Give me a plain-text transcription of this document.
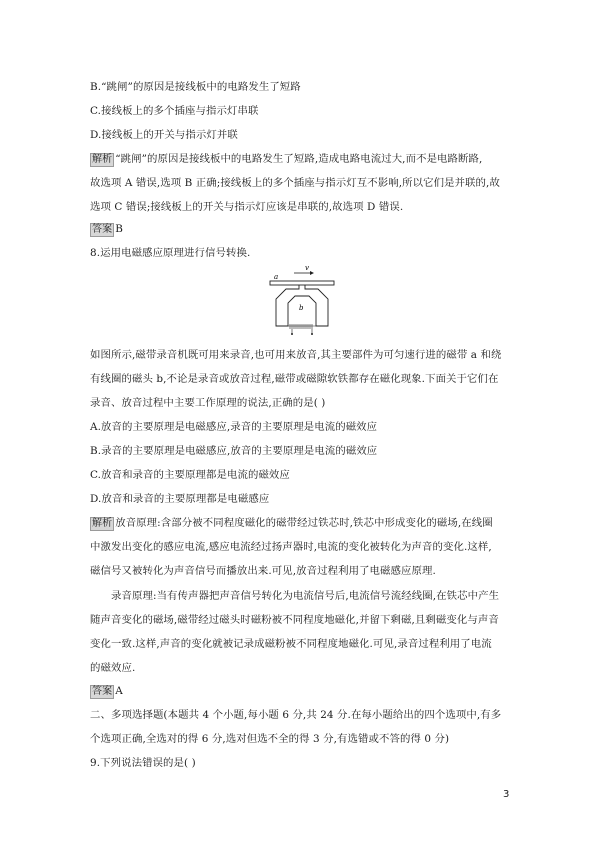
B.“跳闸”的原因是接线板中的电路发生了短路
C.接线板上的多个插座与指示灯串联
D.接线板上的开关与指示灯并联
解析 “跳闸”的原因是接线板中的电路发生了短路,造成电路电流过大,而不是电路断路,
故选项 A 错误,选项 B 正确;接线板上的多个插座与指示灯互不影响,所以它们是并联的,故
选项 C 错误;接线板上的开关与指示灯应该是串联的,故选项 D 错误.
答案 B
8.运用电磁感应原理进行信号转换.
a
v
b
如图所示,磁带录音机既可用来录音,也可用来放音,其主要部件为可匀速行进的磁带 a 和绕
有线圈的磁头 b,不论是录音或放音过程,磁带或磁隙软铁都存在磁化现象.下面关于它们在
录音、放音过程中主要工作原理的说法,正确的是( )
A.放音的主要原理是电磁感应,录音的主要原理是电流的磁效应
B.录音的主要原理是电磁感应,放音的主要原理是电流的磁效应
C.放音和录音的主要原理都是电流的磁效应
D.放音和录音的主要原理都是电磁感应
解析 放音原理:含部分被不同程度磁化的磁带经过铁芯时,铁芯中形成变化的磁场,在线圈
中激发出变化的感应电流,感应电流经过扬声器时,电流的变化被转化为声音的变化.这样,
磁信号又被转化为声音信号而播放出来.可见,放音过程利用了电磁感应原理.
录音原理:当有传声器把声音信号转化为电流信号后,电流信号流经线圈,在铁芯中产生
随声音变化的磁场,磁带经过磁头时磁粉被不同程度地磁化,并留下剩磁,且剩磁变化与声音
变化一致.这样,声音的变化就被记录成磁粉被不同程度地磁化.可见,录音过程利用了电流
的磁效应.
答案 A
二、多项选择题(本题共 4 个小题,每小题 6 分,共 24 分.在每小题给出的四个选项中,有多
个选项正确,全选对的得 6 分,选对但选不全的得 3 分,有选错或不答的得 0 分)
9.下列说法错误的是( )
3
